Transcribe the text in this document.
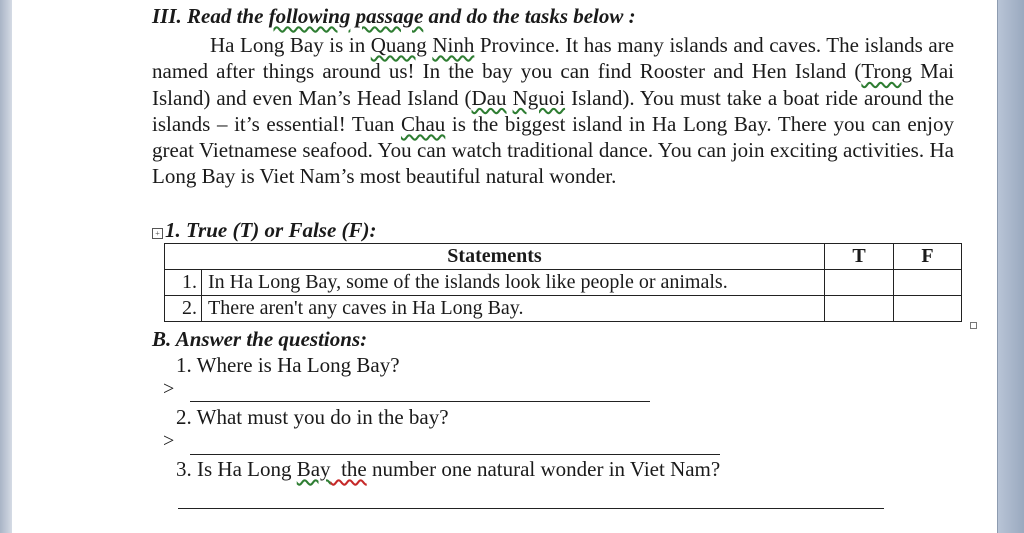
III. Read the following passage and do the tasks below :

Ha Long Bay is in Quang Ninh Province. It has many islands and caves. The islands are named after things around us! In the bay you can find Rooster and Hen Island (Trong Mai Island) and even Man’s Head Island (Dau Nguoi Island). You must take a boat ride around the islands – it’s essential! Tuan Chau is the biggest island in Ha Long Bay. There you can enjoy great Vietnamese seafood. You can watch traditional dance. You can join exciting activities. Ha Long Bay is Viet Nam’s most beautiful natural wonder.

+ 1. True (T) or False (F):
Statements		T	F
1.	In Ha Long Bay, some of the islands look like people or animals.		
2.	There aren't any caves in Ha Long Bay.		
B. Answer the questions:
1. Where is Ha Long Bay?
>
2. What must you do in the bay?
>
3. Is Ha Long Bay  the number one natural wonder in Viet Nam?
